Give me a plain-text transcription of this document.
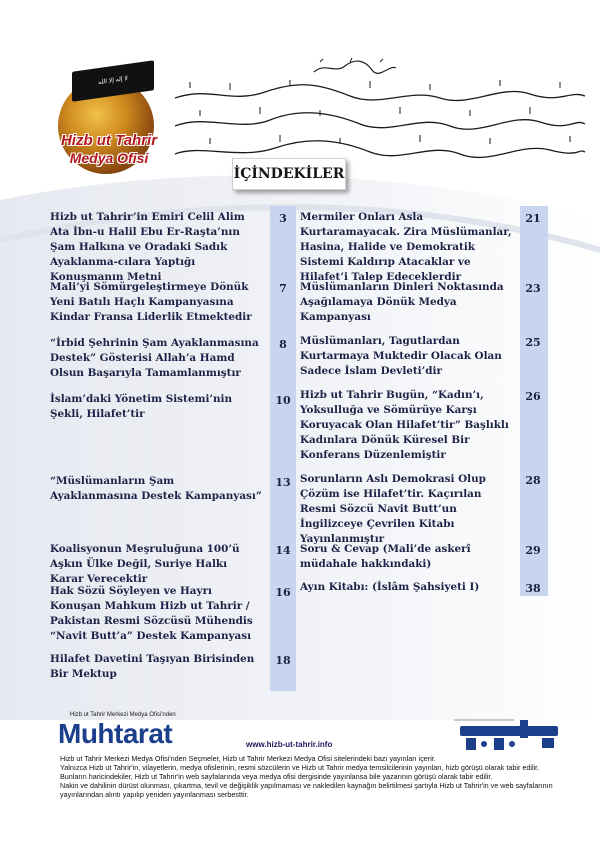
لا إله إلا الله
Hizb ut Tahrir
Medya Ofisi
İÇİNDEKİLER
Hizb ut Tahrir’in Emiri Celil Alim Ata İbn-u Halil Ebu Er-Raşta’nın Şam Halkına ve Oradaki Sadık Ayaklanma-cılara Yaptığı Konuşmanın Metni
3
Mali’yi Sömürgeleştirmeye Dönük Yeni Batılı Haçlı Kampanyasına Kindar Fransa Liderlik Etmektedir
7
“İrbid Şehrinin Şam Ayaklanmasına Destek” Gösterisi Allah’a Hamd Olsun Başarıyla Tamamlanmıştır
8
İslam’daki Yönetim Sistemi’nin Şekli, Hilafet’tir
10
“Müslümanların Şam Ayaklanmasına Destek Kampanyası”
13
Koalisyonun Meşruluğuna 100’ü Aşkın Ülke Değil, Suriye Halkı Karar Verecektir
14
Hak Sözü Söyleyen ve Hayrı Konuşan Mahkum Hizb ut Tahrir / Pakistan Resmi Sözcüsü Mühendis “Navit Butt’a” Destek Kampanyası
16
Hilafet Davetini Taşıyan Birisinden Bir Mektup
18
Mermiler Onları Asla Kurtaramayacak. Zira Müslümanlar, Hasina, Halide ve Demokratik Sistemi Kaldırıp Atacaklar ve Hilafet’i Talep Edeceklerdir
21
Müslümanların Dinleri Noktasında Aşağılamaya Dönük Medya Kampanyası
23
Müslümanları, Tagutlardan Kurtarmaya Muktedir Olacak Olan Sadece İslam Devleti’dir
25
Hizb ut Tahrir Bugün, “Kadın’ı, Yoksulluğa ve Sömürüye Karşı Koruyacak Olan Hilafet’tir” Başlıklı Kadınlara Dönük Küresel Bir Konferans Düzenlemiştir
26
Sorunların Aslı Demokrasi Olup Çözüm ise Hilafet’tir. Kaçırılan Resmi Sözcü Navit Butt’un İngilizceye Çevrilen Kitabı Yayınlanmıştır
28
Soru & Cevap (Mali’de askerî müdahale hakkındaki)
29
Ayın Kitabı: (İslâm Şahsiyeti I)	38
Hizb ut Tahrir Merkezi Medya Ofisi'nden
Muhtarat	www.hizb-ut-tahrir.info

Hizb ut Tahrir Merkezi Medya Ofisi'nden Seçmeler, Hizb ut Tahrir Merkezi Medya Ofisi sitelerindeki bazı yayınları içerir.

Yalnızca Hizb ut Tahrir'in, vilayetlerin, medya ofislerinin, resmi sözcülerin ve Hizb ut Tahrir medya temsilcilerinin yayınları, hizb görüşü olarak tabir edilir. Bunların haricindekiler, Hizb ut Tahrir'in web sayfalarında veya medya ofisi dergisinde yayınlansa bile yazarının görüşü olarak tabir edilir.

Nakin ve dahilinin dürüst olunması, çıkartma, tevil ve değişiklik yapılmaması ve nakledilen kaynağın belirtilmesi şartıyla Hizb ut Tahrir'in ve web sayfalarının yayınlarından alıntı yapılıp yeniden yayınlanması serbesttir.
